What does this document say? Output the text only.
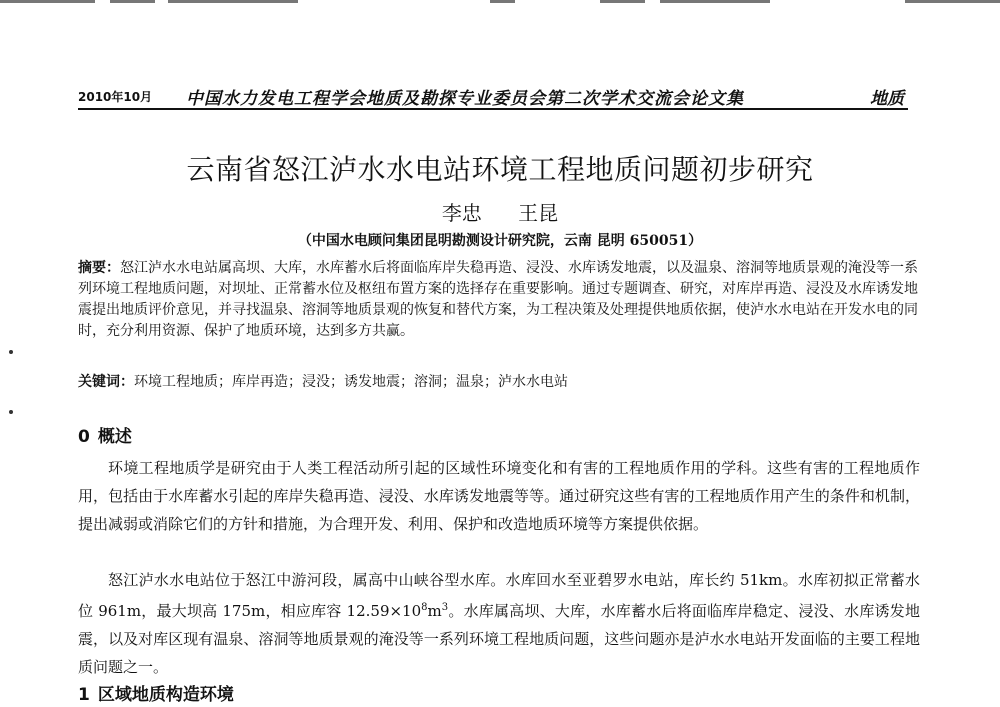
2010年10月 中国水力发电工程学会地质及勘探专业委员会第二次学术交流会论文集	地质
云南省怒江泸水水电站环境工程地质问题初步研究
李忠 王昆
（中国水电顾问集团昆明勘测设计研究院，云南 昆明 650051）
摘要：怒江泸水水电站属高坝、大库，水库蓄水后将面临库岸失稳再造、浸没、水库诱发地震，以及温泉、溶洞等地质景观的淹没等一系列环境工程地质问题，对坝址、正常蓄水位及枢纽布置方案的选择存在重要影响。通过专题调查、研究，对库岸再造、浸没及水库诱发地震提出地质评价意见，并寻找温泉、溶洞等地质景观的恢复和替代方案，为工程决策及处理提供地质依据，使泸水水电站在开发水电的同时，充分利用资源、保护了地质环境，达到多方共赢。
关键词：环境工程地质；库岸再造；浸没；诱发地震；溶洞；温泉；泸水水电站
0 概述

环境工程地质学是研究由于人类工程活动所引起的区域性环境变化和有害的工程地质作用的学科。这些有害的工程地质作用，包括由于水库蓄水引起的库岸失稳再造、浸没、水库诱发地震等等。通过研究这些有害的工程地质作用产生的条件和机制，提出减弱或消除它们的方针和措施，为合理开发、利用、保护和改造地质环境等方案提供依据。

怒江泸水水电站位于怒江中游河段，属高中山峡谷型水库。水库回水至亚碧罗水电站，库长约 51km。水库初拟正常蓄水位 961m，最大坝高 175m，相应库容 $12.59\times 10^8m^3$。水库属高坝、大库，水库蓄水后将面临库岸稳定、浸没、水库诱发地震，以及对库区现有温泉、溶洞等地质景观的淹没等一系列环境工程地质问题，这些问题亦是泸水水电站开发面临的主要工程地质问题之一。

1 区域地质构造环境
